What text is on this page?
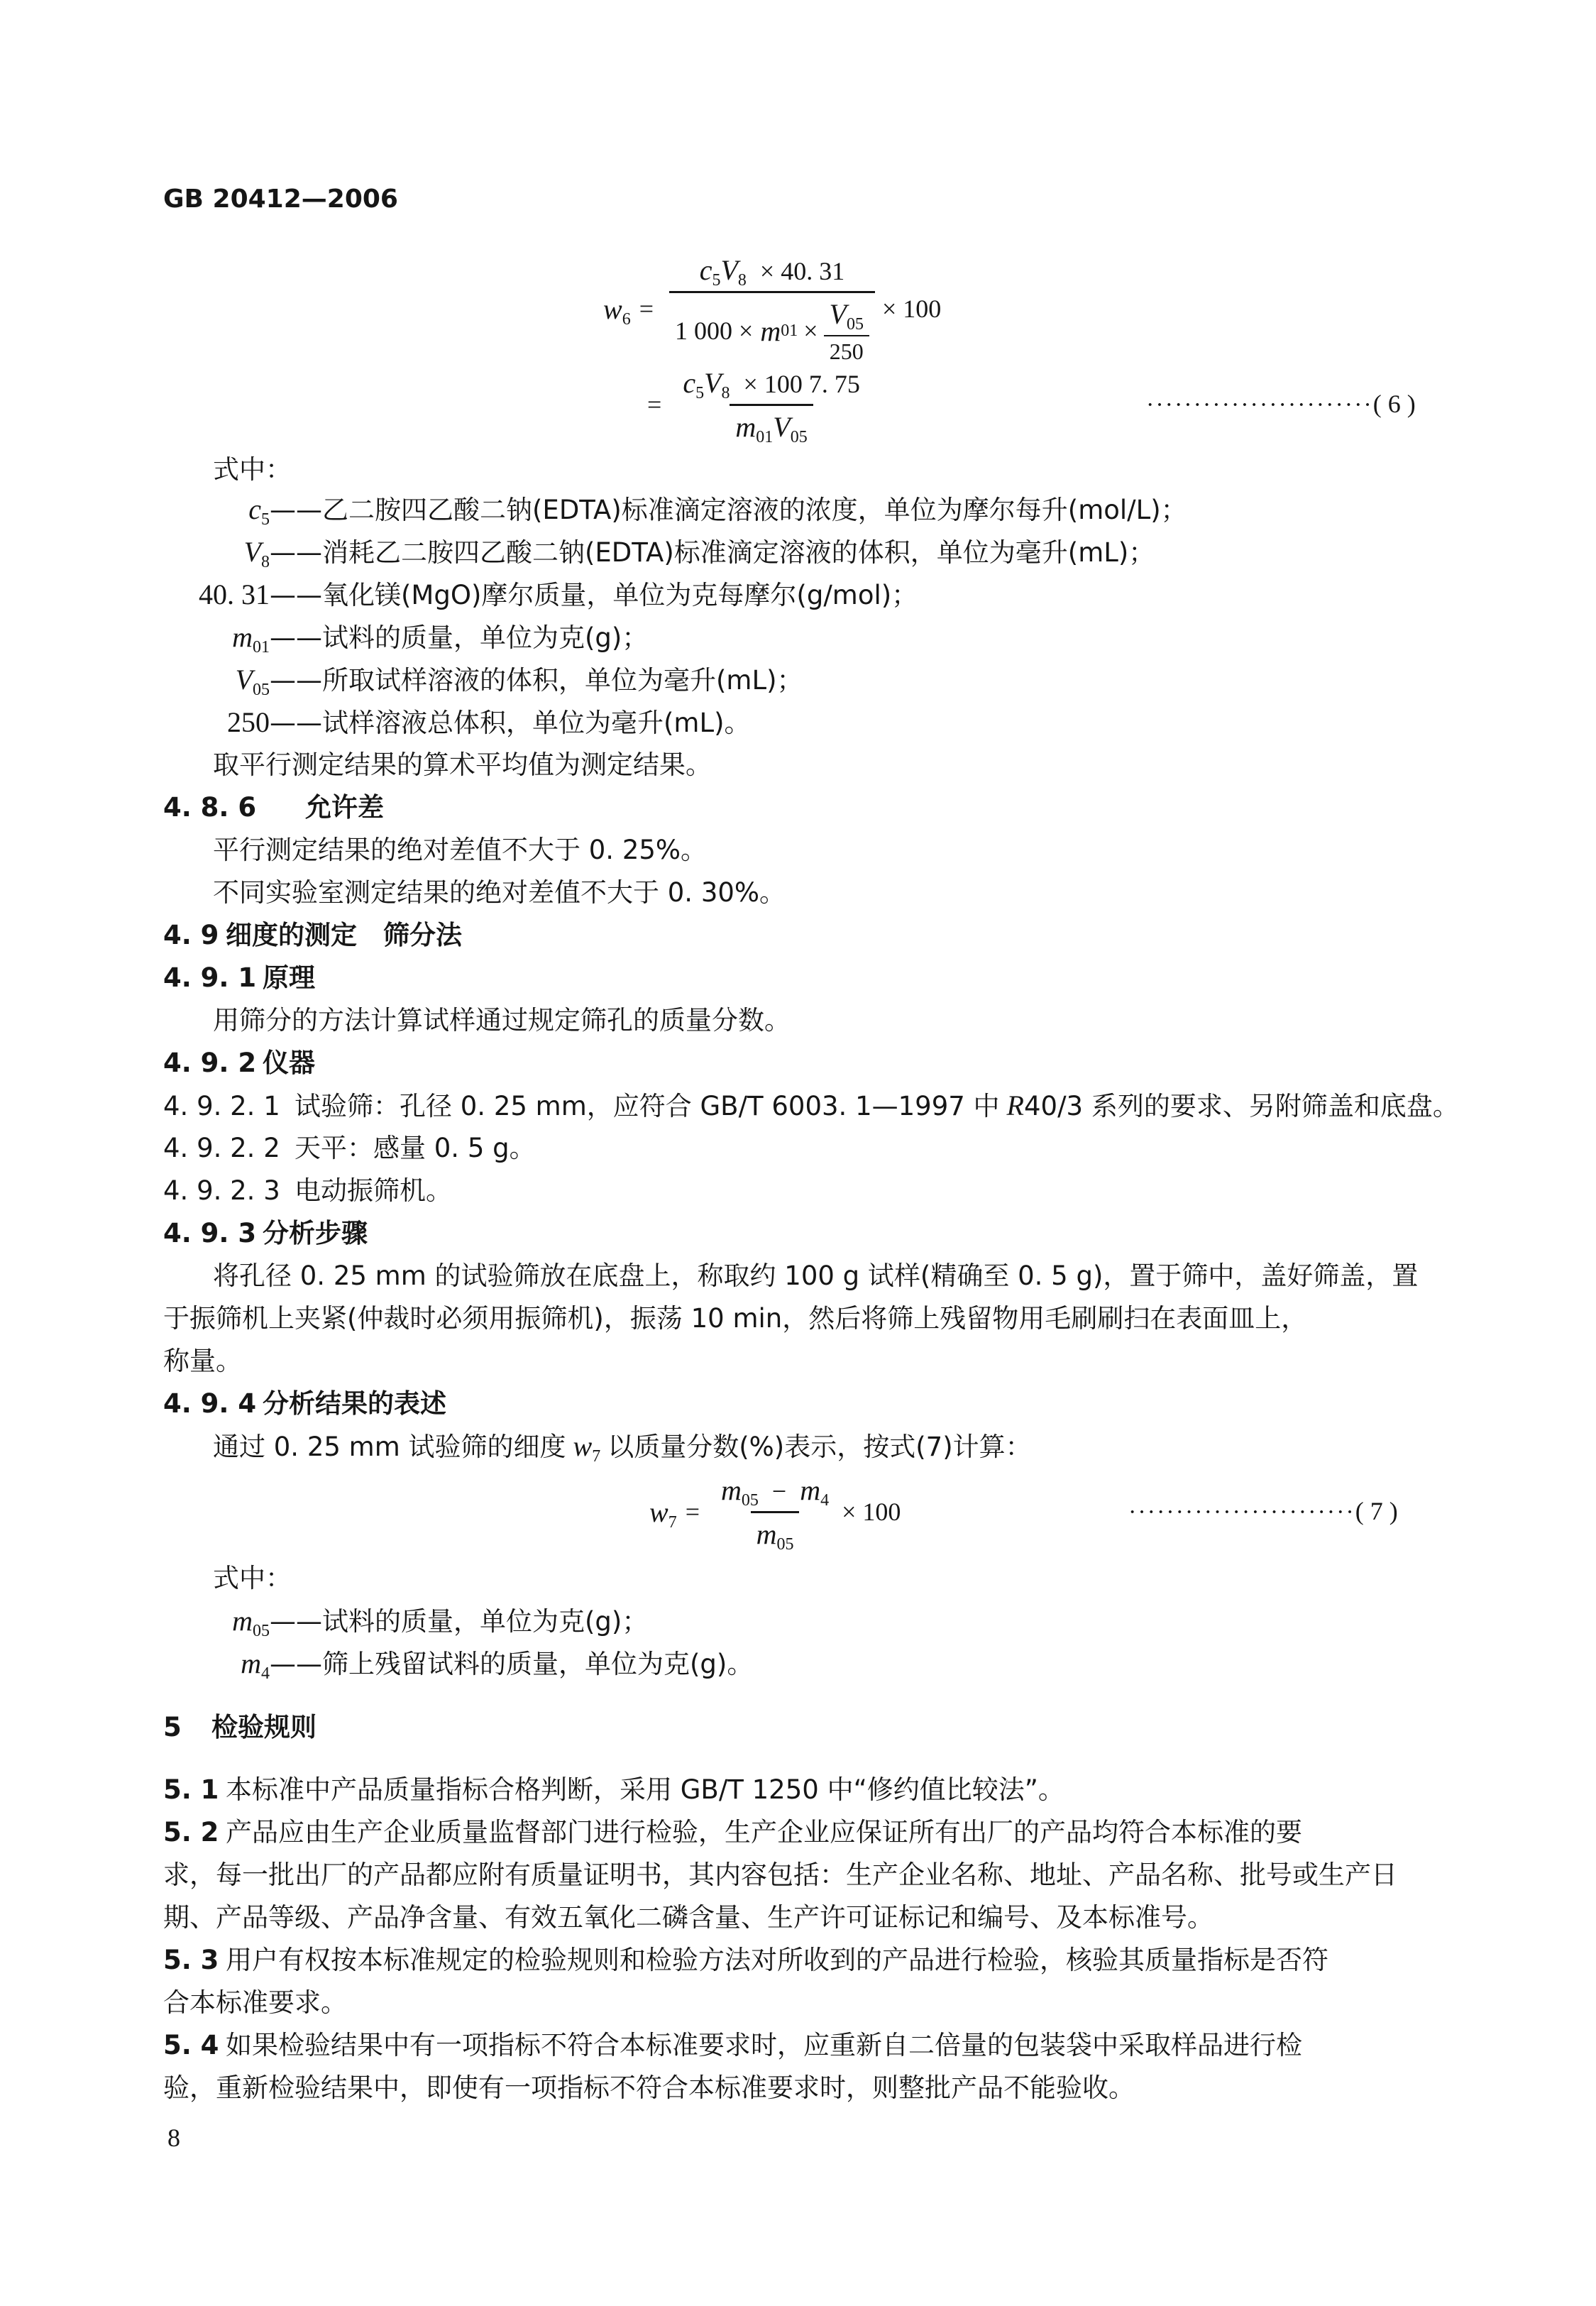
GB 20412—2006
$w_6$ =
$c_5V_8 \times 40$. 31
1 000 × m $01 \times \frac{V_{05}}{250} \times 100$
= $\frac{c_5V_8 \times 100 7. 75}{m_{01}V_{05}}$	························( 6 )
式中：
$c_5——$乙二胺四乙酸二钠(EDTA)标准滴定溶液的浓度，单位为摩尔每升(mol/L)；
$V_8——$消耗乙二胺四乙酸二钠(EDTA)标准滴定溶液的体积，单位为毫升(mL)；
40. 31——氧化镁(MgO)摩尔质量，单位为克每摩尔(g/mol)；
$m_{01}——$试料的质量，单位为克(g)；
$V_{05}——$所取试样溶液的体积，单位为毫升(mL)；
250——试样溶液总体积，单位为毫升(mL)。
取平行测定结果的算术平均值为测定结果。
4. 8. 6 允许差
平行测定结果的绝对差值不大于 0. 25%。
不同实验室测定结果的绝对差值不大于 0. 30%。
4. 9 细度的测定　筛分法
4. 9. 1 原理
用筛分的方法计算试样通过规定筛孔的质量分数。
4. 9. 2 仪器
4. 9. 2. 1 试验筛：孔径 0. 25 mm，应符合 GB/T 6003. 1—1997 中 R40/3 系列的要求、另附筛盖和底盘。
4. 9. 2. 2 天平：感量 0. 5 g。
4. 9. 2. 3 电动振筛机。
4. 9. 3 分析步骤
将孔径 0. 25 mm 的试验筛放在底盘上，称取约 100 g 试样(精确至 0. 5 g)，置于筛中，盖好筛盖，置
于振筛机上夹紧(仲裁时必须用振筛机)，振荡 10 min，然后将筛上残留物用毛刷刷扫在表面皿上，
称量。
4. 9. 4 分析结果的表述
通过 0. 25 mm 试验筛的细度 $w_7$ 以质量分数(%)表示，按式(7)计算：
$w_7 = \frac{m_{05} - m_4}{m_{05}} \times 100$	························( 7 )
式中：
$m_{05}——$试料的质量，单位为克(g)；
$m_4——$筛上残留试料的质量，单位为克(g)。
5 检验规则
5. 1 本标准中产品质量指标合格判断，采用 GB/T 1250 中“修约值比较法”。
5. 2 产品应由生产企业质量监督部门进行检验，生产企业应保证所有出厂的产品均符合本标准的要
求，每一批出厂的产品都应附有质量证明书，其内容包括：生产企业名称、地址、产品名称、批号或生产日
期、产品等级、产品净含量、有效五氧化二磷含量、生产许可证标记和编号、及本标准号。
5. 3 用户有权按本标准规定的检验规则和检验方法对所收到的产品进行检验，核验其质量指标是否符
合本标准要求。
5. 4 如果检验结果中有一项指标不符合本标准要求时，应重新自二倍量的包装袋中采取样品进行检
验，重新检验结果中，即使有一项指标不符合本标准要求时，则整批产品不能验收。
8
